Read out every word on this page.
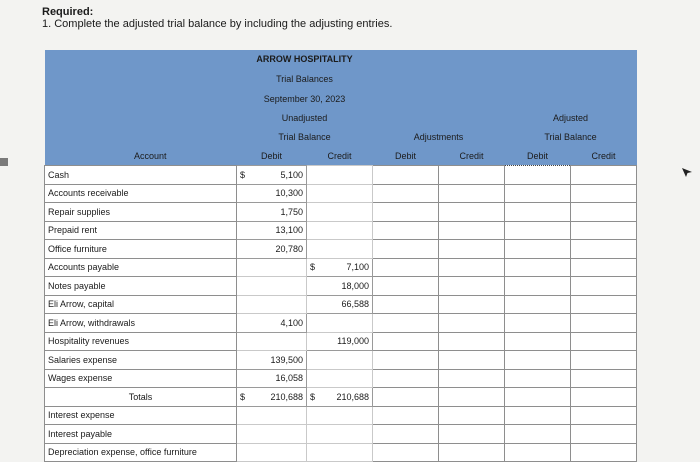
Required:
1. Complete the adjusted trial balance by including the adjusting entries.
	ARROW HOSPITALITY					
	Trial Balances					
	September 30, 2023					
	Unadjusted				Adjusted	
	Trial Balance		Adjustments		Trial Balance	
Account	Debit	Credit	Debit	Credit	Debit	Credit
Cash	$ 5,100					

Accounts receivable	10,300					

Repair supplies	1,750					

Prepaid rent	13,100					

Office furniture	20,780					

Accounts payable		$ 7,100				

Notes payable		18,000				

Eli Arrow, capital		66,588				

Eli Arrow, withdrawals	4,100					

Hospitality revenues		119,000				

Salaries expense	139,500					

Wages expense	16,058					

Totals	$ 210,688	$ 210,688				

Interest expense						
Interest payable						
Depreciation expense, office furniture						
